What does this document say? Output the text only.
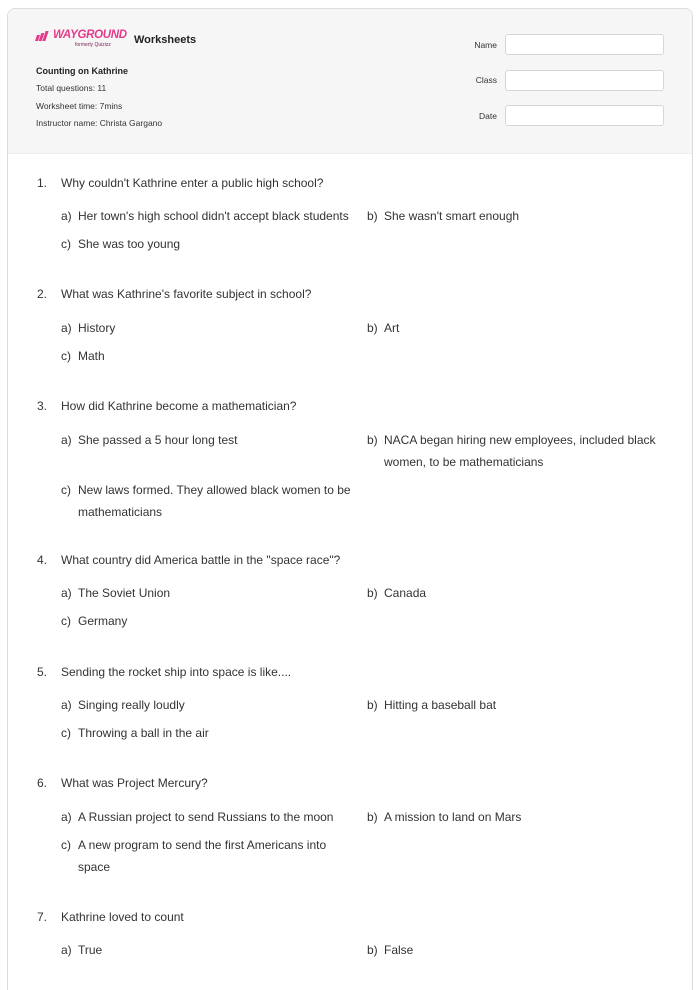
WAYGROUND
formerly Quizizz Worksheets
Counting on Kathrine
Total questions: 11
Worksheet time: 7mins
Instructor name: Christa Gargano
Name
Class
Date
1. Why couldn't Kathrine enter a public high school?
a) Her town's high school didn't accept black students b) She wasn't smart enough
c) She was too young
2. What was Kathrine's favorite subject in school?
a) History	b) Art
c) Math
3. How did Kathrine become a mathematician?
a) She passed a 5 hour long test	b) NACA began hiring new employees, included black women, to be mathematicians
c) New laws formed. They allowed black women to be mathematicians
4. What country did America battle in the "space race"?
a) The Soviet Union	b) Canada
c) Germany
5. Sending the rocket ship into space is like....
a) Singing really loudly	b) Hitting a baseball bat
c) Throwing a ball in the air
6. What was Project Mercury?
a) A Russian project to send Russians to the moon	b) A mission to land on Mars
c) A new program to send the first Americans into space
7. Kathrine loved to count
a) True	b) False
